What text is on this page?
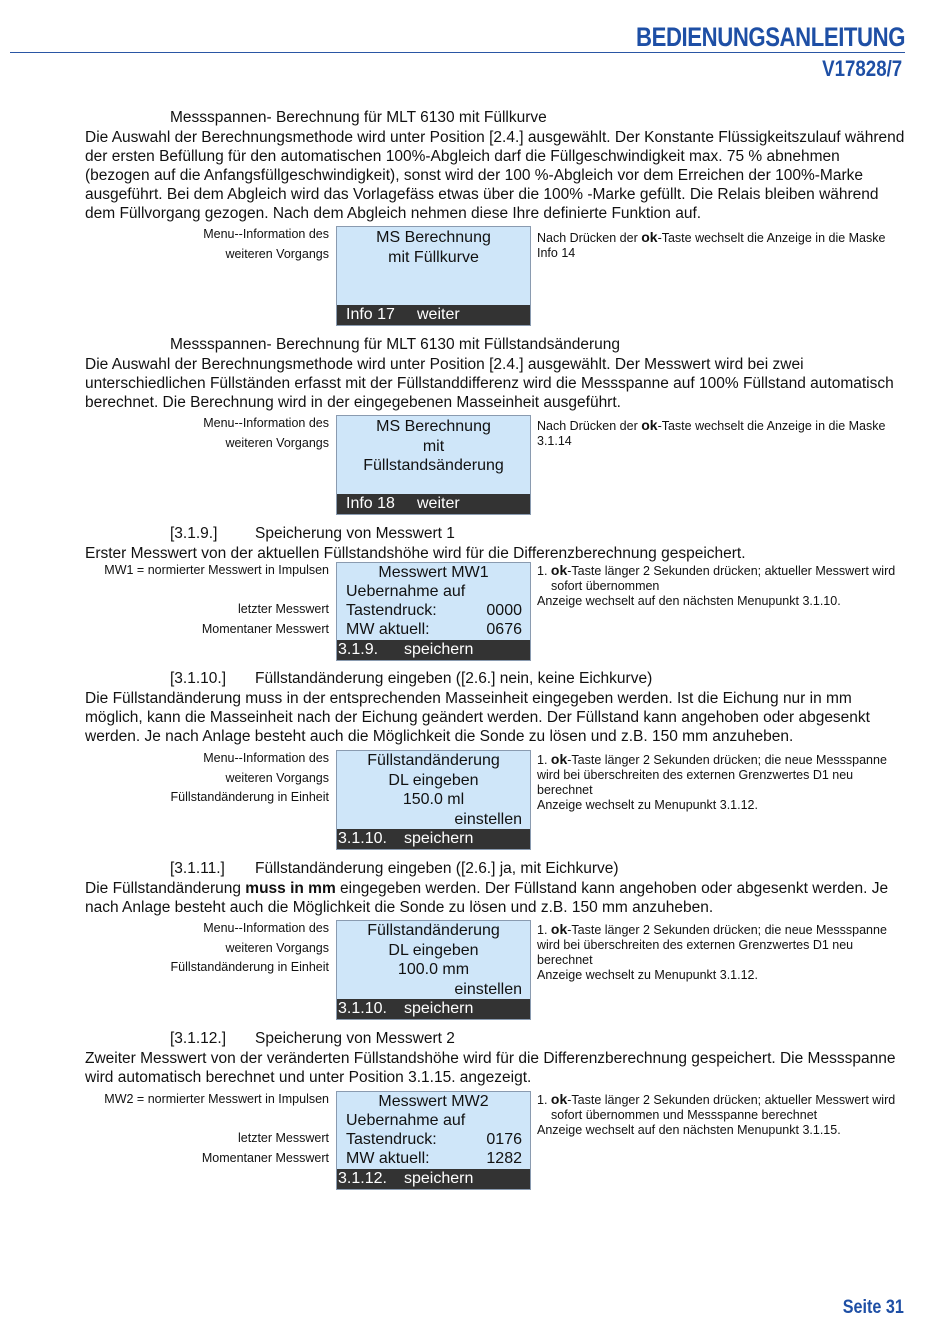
BEDIENUNGSANLEITUNG
V17828/7
Messspannen- Berechnung für MLT 6130 mit Füllkurve

Die Auswahl der Berechnungsmethode wird unter Position [2.4.] ausgewählt. Der Konstante Flüssigkeitszulauf während

der ersten Befüllung für den automatischen 100%-Abgleich darf die Füllgeschwindigkeit max. 75 % abnehmen

(bezogen auf die Anfangsfüllgeschwindigkeit), sonst wird der 100 %-Abgleich vor dem Erreichen der 100%-Marke

ausgeführt. Bei dem Abgleich wird das Vorlagefäss etwas über die 100% -Marke gefüllt. Die Relais bleiben während

dem Füllvorgang gezogen. Nach dem Abgleich nehmen diese Ihre definierte Funktion auf.

Menu--Information des
weiteren Vorgangs
MS Berechnung
mit Füllkurve
Info 17 weiter

Nach Drücken der ok-Taste wechselt die Anzeige in die Maske

Info 14

Messspannen- Berechnung für MLT 6130 mit Füllstandsänderung

Die Auswahl der Berechnungsmethode wird unter Position [2.4.] ausgewählt. Der Messwert wird bei zwei

unterschiedlichen Füllständen erfasst mit der Füllstanddifferenz wird die Messspanne auf 100% Füllstand automatisch

berechnet. Die Berechnung wird in der eingegebenen Masseinheit ausgeführt.

Menu--Information des
weiteren Vorgangs
MS Berechnung
mit
Füllstandsänderung
Info 18 weiter

Nach Drücken der ok-Taste wechselt die Anzeige in die Maske

3.1.14

[3.1.9.] Speicherung von Messwert 1

Erster Messwert von der aktuellen Füllstandshöhe wird für die Differenzberechnung gespeichert.

MW1 = normierter Messwert in Impulsen
letzter Messwert
Momentaner Messwert
Messwert MW1
Uebernahme auf
Tastendruck:	0000
MW aktuell:	0676
3.1.9. speichern

1. ok-Taste länger 2 Sekunden drücken; aktueller Messwert wird

sofort übernommen

Anzeige wechselt auf den nächsten Menupunkt 3.1.10.

[3.1.10.] Füllstandänderung eingeben ([2.6.] nein, keine Eichkurve)

Die Füllstandänderung muss in der entsprechenden Masseinheit eingegeben werden. Ist die Eichung nur in mm

möglich, kann die Masseinheit nach der Eichung geändert werden. Der Füllstand kann angehoben oder abgesenkt

werden. Je nach Anlage besteht auch die Möglichkeit die Sonde zu lösen und z.B. 150 mm anzuheben.

Menu--Information des
weiteren Vorgangs
Füllstandänderung in Einheit
Füllstandänderung
DL eingeben
150.0 ml
einstellen
3.1.10. speichern

1. ok-Taste länger 2 Sekunden drücken; die neue Messspanne

wird bei überschreiten des externen Grenzwertes D1 neu

berechnet

Anzeige wechselt zu Menupunkt 3.1.12.

[3.1.11.] Füllstandänderung eingeben ([2.6.] ja, mit Eichkurve)

Die Füllstandänderung muss in mm eingegeben werden. Der Füllstand kann angehoben oder abgesenkt werden. Je

nach Anlage besteht auch die Möglichkeit die Sonde zu lösen und z.B. 150 mm anzuheben.

Menu--Information des
weiteren Vorgangs
Füllstandänderung in Einheit
Füllstandänderung
DL eingeben
100.0 mm
einstellen
3.1.10. speichern

1. ok-Taste länger 2 Sekunden drücken; die neue Messspanne

wird bei überschreiten des externen Grenzwertes D1 neu

berechnet

Anzeige wechselt zu Menupunkt 3.1.12.

[3.1.12.] Speicherung von Messwert 2

Zweiter Messwert von der veränderten Füllstandshöhe wird für die Differenzberechnung gespeichert. Die Messspanne

wird automatisch berechnet und unter Position 3.1.15. angezeigt.

MW2 = normierter Messwert in Impulsen
letzter Messwert
Momentaner Messwert
Messwert MW2
Uebernahme auf
Tastendruck:	0176
MW aktuell:	1282
3.1.12. speichern

1. ok-Taste länger 2 Sekunden drücken; aktueller Messwert wird

sofort übernommen und Messspanne berechnet

Anzeige wechselt auf den nächsten Menupunkt 3.1.15.

Seite 31
